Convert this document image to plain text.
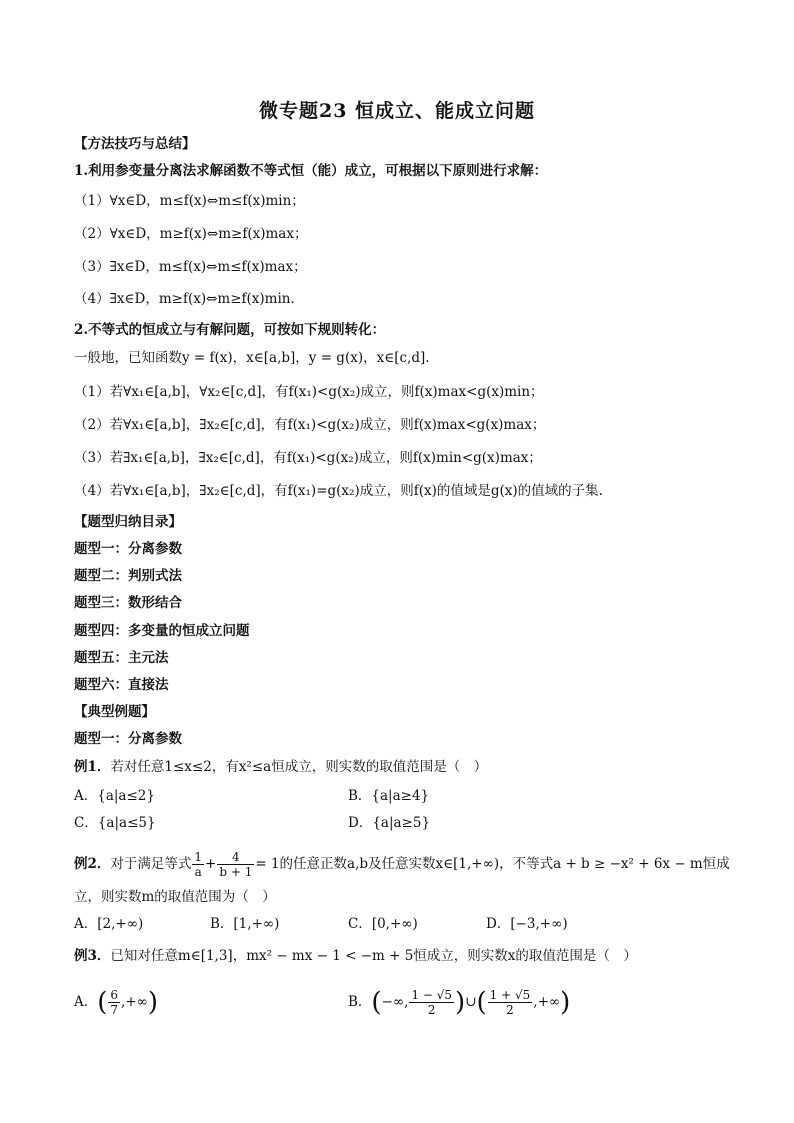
微专题23 恒成立、能成立问题
【方法技巧与总结】
1.利用参变量分离法求解函数不等式恒（能）成立，可根据以下原则进行求解：
（1）∀x∈D，m≤f(x)⇔m≤f(x)min；
（2）∀x∈D，m≥f(x)⇔m≥f(x)max；
（3）∃x∈D，m≤f(x)⇔m≤f(x)max；
（4）∃x∈D，m≥f(x)⇔m≥f(x)min.
2.不等式的恒成立与有解问题，可按如下规则转化：
一般地，已知函数y = f(x)，x∈[a,b]，y = g(x)，x∈[c,d].
（1）若∀x₁∈[a,b]，∀x₂∈[c,d]，有f(x₁)<g(x₂)成立，则f(x)max<g(x)min；
（2）若∀x₁∈[a,b]，∃x₂∈[c,d]，有f(x₁)<g(x₂)成立，则f(x)max<g(x)max；
（3）若∃x₁∈[a,b]，∃x₂∈[c,d]，有f(x₁)<g(x₂)成立，则f(x)min<g(x)max；
（4）若∀x₁∈[a,b]，∃x₂∈[c,d]，有f(x₁)=g(x₂)成立，则f(x)的值域是g(x)的值域的子集.
【题型归纳目录】
题型一：分离参数
题型二：判别式法
题型三：数形结合
题型四：多变量的恒成立问题
题型五：主元法
题型六：直接法
【典型例题】
题型一：分离参数
例1．若对任意1≤x≤2，有x²≤a恒成立，则实数的取值范围是（　）
A．{a|a≤2}	B．{a|a≥4}
C．{a|a≤5}	D．{a|a≥5}
例2．对于满足等式 $\frac{1}{a} + \frac{4}{b + 1} = 1$的任意正数a,b及任意实数x∈[1,+∞)，不等式a + b ≥ −x² + 6x − m恒成
立，则实数m的取值范围为（　）
A．[2,+∞)	B．[1,+∞)	C．[0,+∞)	D．[−3,+∞)
例3．已知对任意m∈[1,3]，mx² − mx − 1 < −m + 5恒成立，则实数x的取值范围是（　）
A．( $\frac{6}{7}$ ,+∞)	B．(−∞, $\frac{1 - √5}{2}$ )∪( $\frac{1 + √5}{2}$ ,+∞)
